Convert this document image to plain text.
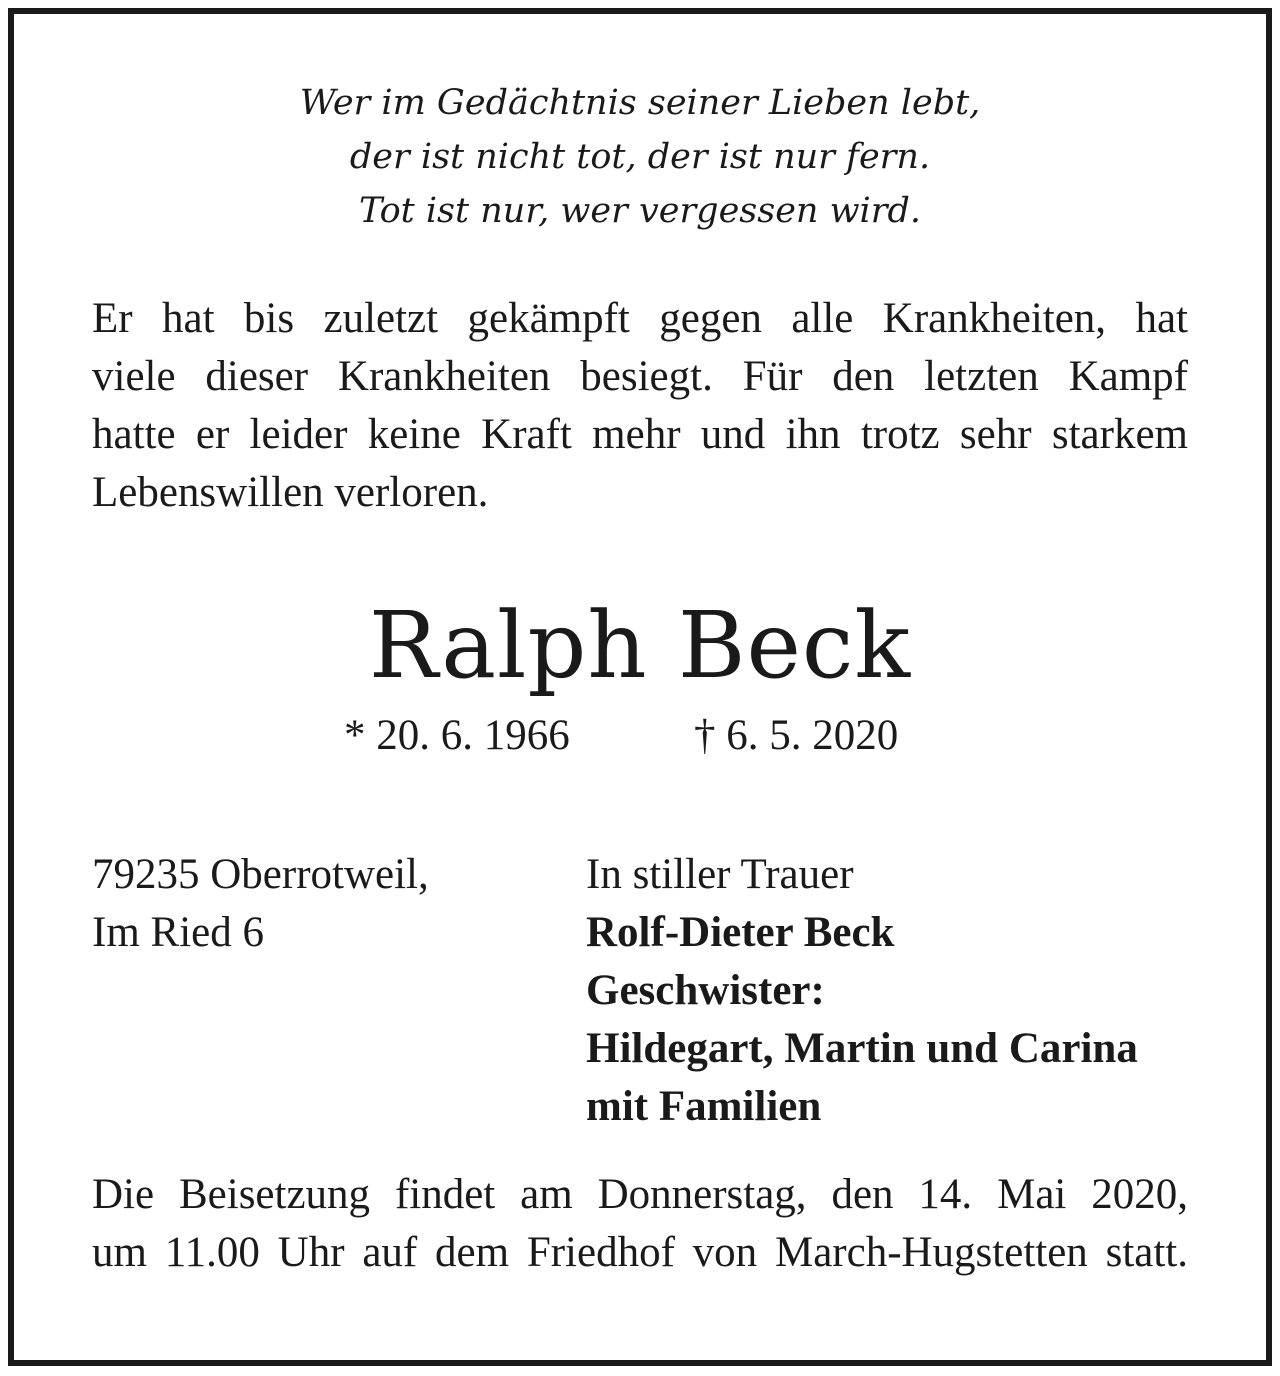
Wer im Gedächtnis seiner Lieben lebt,
der ist nicht tot, der ist nur fern.
Tot ist nur, wer vergessen wird.
Er hat bis zuletzt gekämpft gegen alle Krankheiten, hat
viele dieser Krankheiten besiegt. Für den letzten Kampf
hatte er leider keine Kraft mehr und ihn trotz sehr starkem
Lebenswillen verloren.
Ralph Beck
* 20. 6. 1966	† 6. 5. 2020
79235 Oberrotweil,
Im Ried 6
In stiller Trauer
Rolf-Dieter Beck
Geschwister:
Hildegart, Martin und Carina
mit Familien
Die Beisetzung findet am Donnerstag, den 14. Mai 2020,
um 11.00 Uhr auf dem Friedhof von March-Hugstetten statt.
